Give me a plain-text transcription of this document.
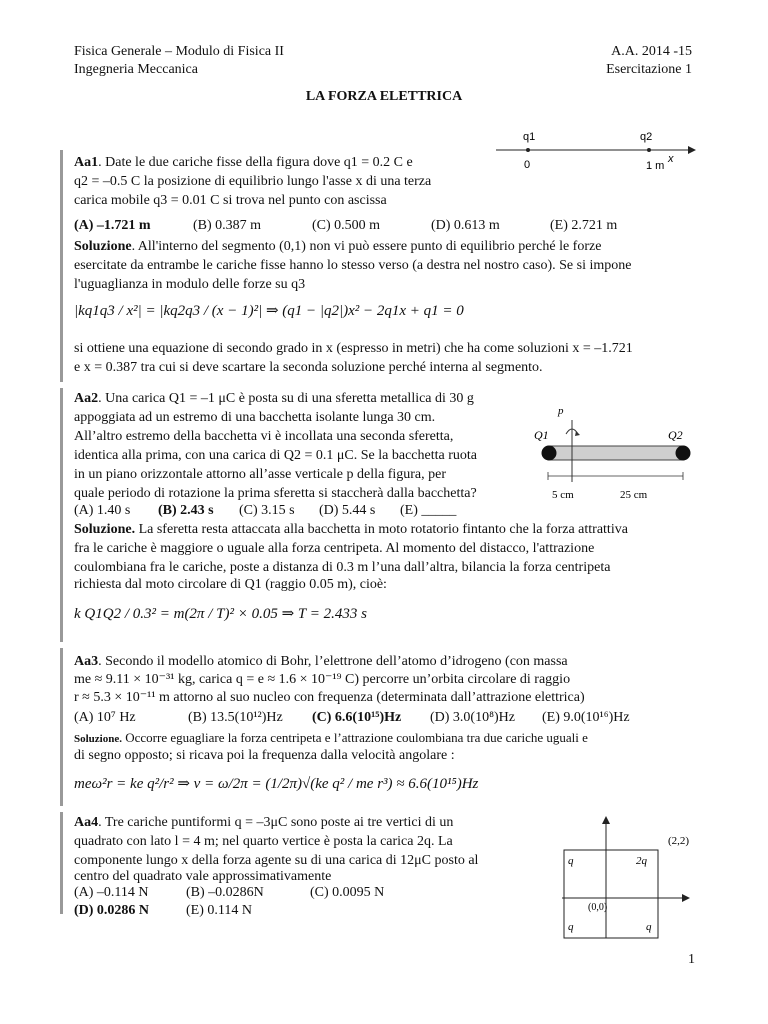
Fisica Generale – Modulo di Fisica II	A.A. 2014 -15
Ingegneria Meccanica	Esercitazione 1
LA FORZA ELETTRICA
q1	q2
0	1 m
x
Aa1. Date le due cariche fisse della figura dove q1 = 0.2 C e
q2 = –0.5 C la posizione di equilibrio lungo l'asse x di una terza
carica mobile q3 = 0.01 C si trova nel punto con ascissa
(A) –1.721 m	(B) 0.387 m	(C) 0.500 m	(D) 0.613 m	(E) 2.721 m
Soluzione. All'interno del segmento (0,1) non vi può essere punto di equilibrio perché le forze
esercitate da entrambe le cariche fisse hanno lo stesso verso (a destra nel nostro caso). Se si impone
l'uguaglianza in modulo delle forze su q3
|kq1q3 / x²| = |kq2q3 / (x − 1)²| ⇒ (q1 − |q2|)x² − 2q1x + q1 = 0
si ottiene una equazione di secondo grado in x (espresso in metri) che ha come soluzioni x = –1.721
e x = 0.387 tra cui si deve scartare la seconda soluzione perché interna al segmento.
Aa2. Una carica Q1 = –1 μC è posta su di una sferetta metallica di 30 g
appoggiata ad un estremo di una bacchetta isolante lunga 30 cm.
All’altro estremo della bacchetta vi è incollata una seconda sferetta,
identica alla prima, con una carica di Q2 = 0.1 μC. Se la bacchetta ruota
in un piano orizzontale attorno all’asse verticale p della figura, per
quale periodo di rotazione la prima sferetta si staccherà dalla bacchetta?
(A) 1.40 s	(B) 2.43 s	(C) 3.15 s	(D) 5.44 s	(E) _____
p
Q1	Q2
5 cm	25 cm
Soluzione. La sferetta resta attaccata alla bacchetta in moto rotatorio fintanto che la forza attrattiva
fra le cariche è maggiore o uguale alla forza centripeta. Al momento del distacco, l'attrazione
coulombiana fra le cariche, poste a distanza di 0.3 m l’una dall’altra, bilancia la forza centripeta
richiesta dal moto circolare di Q1 (raggio 0.05 m), cioè:
k Q1Q2 / 0.3² = m(2π / T)² × 0.05 ⇒ T = 2.433 s
Aa3. Secondo il modello atomico di Bohr, l’elettrone dell’atomo d’idrogeno (con massa
me ≈ 9.11 × 10⁻³¹ kg, carica q = e ≈ 1.6 × 10⁻¹⁹ C) percorre un’orbita circolare di raggio
r ≈ 5.3 × 10⁻¹¹ m attorno al suo nucleo con frequenza (determinata dall’attrazione elettrica)
(A) 10⁷ Hz	(B) 13.5(10¹²)Hz	(C) 6.6(10¹⁵)Hz	(D) 3.0(10⁸)Hz	(E) 9.0(10¹⁶)Hz
Soluzione. Occorre eguagliare la forza centripeta e l’attrazione coulombiana tra due cariche uguali e
di segno opposto; si ricava poi la frequenza dalla velocità angolare :
meω²r = ke q²/r² ⇒ ν = ω/2π = (1/2π)√(ke q² / me r³) ≈ 6.6(10¹⁵)Hz
Aa4. Tre cariche puntiformi q = –3μC sono poste ai tre vertici di un
quadrato con lato l = 4 m; nel quarto vertice è posta la carica 2q. La
componente lungo x della forza agente su di una carica di 12μC posto al
centro del quadrato vale approssimativamente
(A) –0.114 N	(B) –0.0286N	(C) 0.0095 N
(D) 0.0286 N	(E) 0.114 N
q	2q
q	q
(0,0)
(2,2)
1
